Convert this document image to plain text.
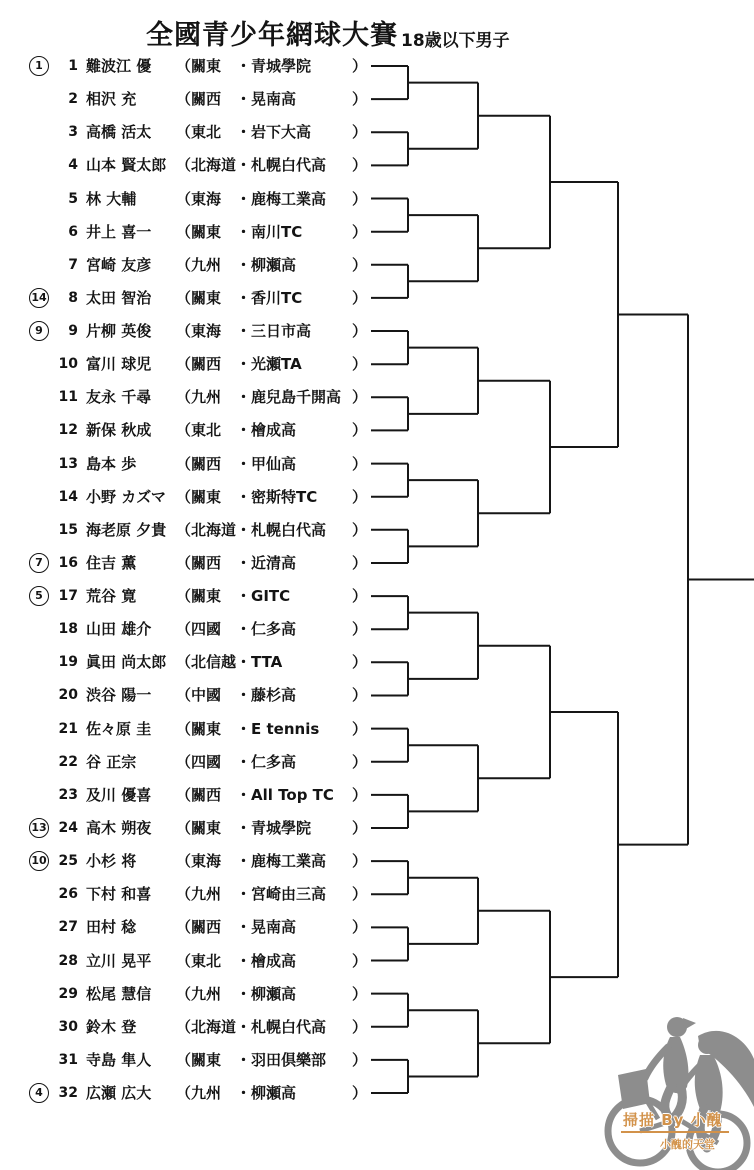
全國青少年網球大賽 18歳以下男子
1	1 難波江 優 （關東 ・青城學院	）
2 相沢 充	（關西 ・晃南高	）
3 高橋 活太 （東北 ・岩下大高	）
4 山本 賢太郎 （北海道・札幌白代高 ）
5 林 大輔	（東海 ・鹿梅工業高 ）
6 井上 喜一 （關東 ・南川TC	）
7 宮崎 友彦 （九州 ・柳瀬高	）
14	8 太田 智治 （關東 ・香川TC	）
9	9 片柳 英俊 （東海 ・三日市高	）
10 富川 球児 （關西 ・光瀬TA	）
11 友永 千尋 （九州 ・鹿兒島千開高 ）
12 新保 秋成 （東北 ・檜成高	）
13 島本 歩	（關西 ・甲仙高	）
14 小野 カズマ （關東 ・密斯特TC ）
15 海老原 夕貴 （北海道・札幌白代高 ）
7	16 住吉 薫	（關西 ・近清高	）
5	17 荒谷 寛	（關東 ・GITC	）
18 山田 雄介 （四國 ・仁多高	）
19 眞田 尚太郎 （北信越・TTA	）
20 渋谷 陽一 （中國 ・藤杉高	）
21 佐々原 圭 （關東 ・E tennis ）
22 谷 正宗	（四國 ・仁多高	）
23 及川 優喜 （關西 ・All Top TC ）
13 24 高木 朔夜 （關東 ・青城學院	）
10 25 小杉 将	（東海 ・鹿梅工業高 ）
26 下村 和喜 （九州 ・宮崎由三高 ）
27 田村 稔	（關西 ・晃南高	）
28 立川 晃平 （東北 ・檜成高	）
29 松尾 慧信 （九州 ・柳瀬高	）
30 鈴木 登	（北海道・札幌白代高 ）
31 寺島 隼人 （關東 ・羽田倶樂部 ）
4	32 広瀬 広大 （九州 ・柳瀬高	）
掃描 By 小醜
小醜的天堂
